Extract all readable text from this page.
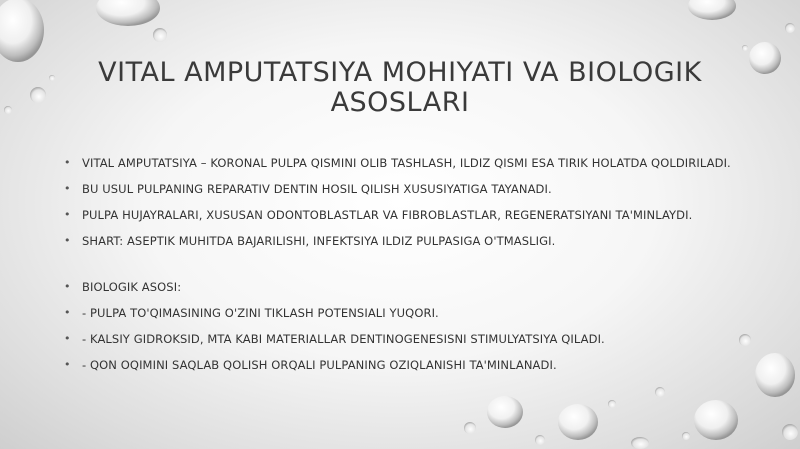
VITAL AMPUTATSIYA MOHIYATI VA BIOLOGIK ASOSLARI
• VITAL AMPUTATSIYA – KORONAL PULPA QISMINI OLIB TASHLASH, ILDIZ QISMI ESA TIRIK HOLATDA QOLDIRILADI.
• BU USUL PULPANING REPARATIV DENTIN HOSIL QILISH XUSUSIYATIGA TAYANADI.
• PULPA HUJAYRALARI, XUSUSAN ODONTOBLASTLAR VA FIBROBLASTLAR, REGENERATSIYANI TA'MINLAYDI.
• SHART: ASEPTIK MUHITDA BAJARILISHI, INFEKTSIYA ILDIZ PULPASIGA O'TMASLIGI.
• BIOLOGIK ASOSI:
• - PULPA TO'QIMASINING O'ZINI TIKLASH POTENSIALI YUQORI.
• - KALSIY GIDROKSID, MTA KABI MATERIALLAR DENTINOGENESISNI STIMULYATSIYA QILADI.
• - QON OQIMINI SAQLAB QOLISH ORQALI PULPANING OZIQLANISHI TA'MINLANADI.
